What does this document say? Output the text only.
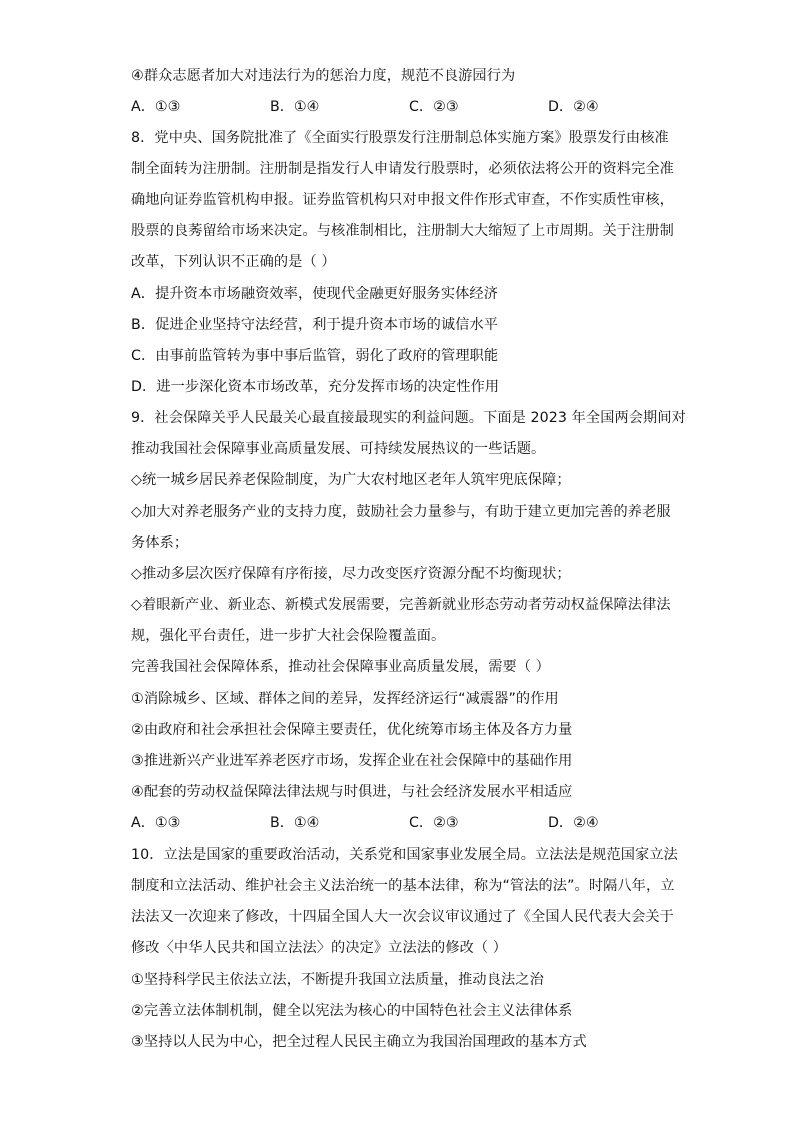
④群众志愿者加大对违法行为的惩治力度，规范不良游园行为
A．①③	B．①④	C．②③	D．②④
8．党中央、国务院批准了《全面实行股票发行注册制总体实施方案》股票发行由核准
制全面转为注册制。注册制是指发行人申请发行股票时，必须依法将公开的资料完全准
确地向证券监管机构申报。证券监管机构只对申报文件作形式审查，不作实质性审核，
股票的良莠留给市场来决定。与核准制相比，注册制大大缩短了上市周期。关于注册制
改革，下列认识不正确的是（ ）
A．提升资本市场融资效率，使现代金融更好服务实体经济
B．促进企业坚持守法经营，利于提升资本市场的诚信水平
C．由事前监管转为事中事后监管，弱化了政府的管理职能
D．进一步深化资本市场改革，充分发挥市场的决定性作用
9．社会保障关乎人民最关心最直接最现实的利益问题。下面是 2023 年全国两会期间对
推动我国社会保障事业高质量发展、可持续发展热议的一些话题。
◇统一城乡居民养老保险制度，为广大农村地区老年人筑牢兜底保障；
◇加大对养老服务产业的支持力度，鼓励社会力量参与，有助于建立更加完善的养老服
务体系；
◇推动多层次医疗保障有序衔接，尽力改变医疗资源分配不均衡现状；
◇着眼新产业、新业态、新模式发展需要，完善新就业形态劳动者劳动权益保障法律法
规，强化平台责任，进一步扩大社会保险覆盖面。
完善我国社会保障体系，推动社会保障事业高质量发展，需要（ ）
①消除城乡、区域、群体之间的差异，发挥经济运行“减震器”的作用
②由政府和社会承担社会保障主要责任，优化统筹市场主体及各方力量
③推进新兴产业进军养老医疗市场，发挥企业在社会保障中的基础作用
④配套的劳动权益保障法律法规与时俱进，与社会经济发展水平相适应
A．①③	B．①④	C．②③	D．②④
10．立法是国家的重要政治活动，关系党和国家事业发展全局。立法法是规范国家立法
制度和立法活动、维护社会主义法治统一的基本法律，称为“管法的法”。时隔八年，立
法法又一次迎来了修改，十四届全国人大一次会议审议通过了《全国人民代表大会关于
修改〈中华人民共和国立法法〉的决定》立法法的修改（ ）
①坚持科学民主依法立法，不断提升我国立法质量，推动良法之治
②完善立法体制机制，健全以宪法为核心的中国特色社会主义法律体系
③坚持以人民为中心，把全过程人民民主确立为我国治国理政的基本方式
